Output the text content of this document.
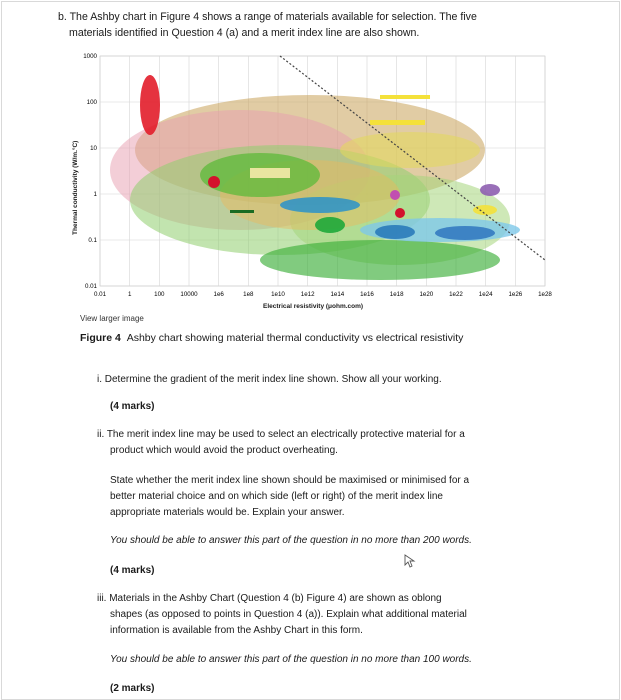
b. The Ashby chart in Figure 4 shows a range of materials available for selection. The five
materials identified in Question 4 (a) and a merit index line are also shown.
0.01	1	100	10000	1e6	1e8	1e10	1e12	1e14	1e16	1e18	1e20	1e22	1e24	1e26	1e28
0.01
0.1
1
10
100
1000
Thermal conductivity (W/m.°C)
Electrical resistivity (μohm.com)
View larger image
Figure 4 Ashby chart showing material thermal conductivity vs electrical resistivity
i. Determine the gradient of the merit index line shown. Show all your working.
(4 marks)
ii. The merit index line may be used to select an electrically protective material for a
product which would avoid the product overheating.
State whether the merit index line shown should be maximised or minimised for a
better material choice and on which side (left or right) of the merit index line
appropriate materials would be. Explain your answer.
You should be able to answer this part of the question in no more than 200 words.
(4 marks)
iii. Materials in the Ashby Chart (Question 4 (b) Figure 4) are shown as oblong
shapes (as opposed to points in Question 4 (a)). Explain what additional material
information is available from the Ashby Chart in this form.
You should be able to answer this part of the question in no more than 100 words.
(2 marks)
